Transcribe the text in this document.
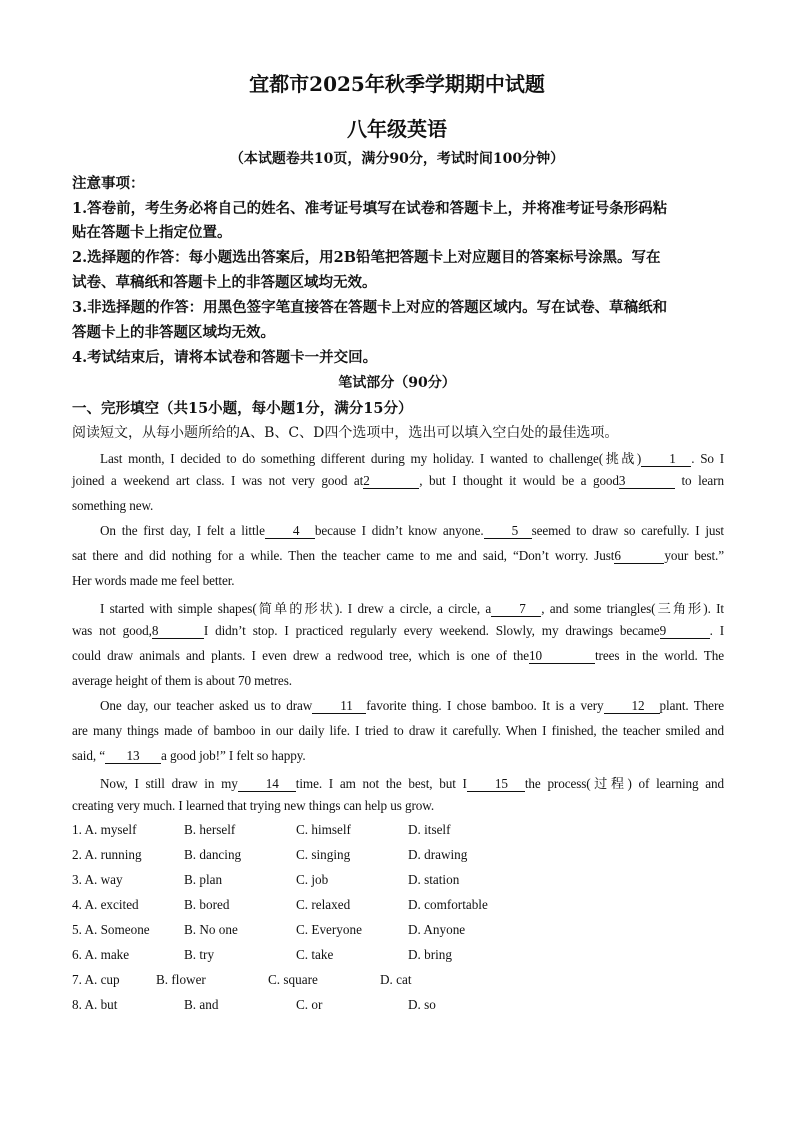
宜都市2025年秋季学期期中试题
八年级英语
（本试题卷共10页，满分90分，考试时间100分钟）
注意事项：
1.答卷前，考生务必将自己的姓名、准考证号填写在试卷和答题卡上，并将准考证号条形码粘
贴在答题卡上指定位置。
2.选择题的作答：每小题选出答案后，用2B铅笔把答题卡上对应题目的答案标号涂黑。写在
试卷、草稿纸和答题卡上的非答题区域均无效。
3.非选择题的作答：用黑色签字笔直接答在答题卡上对应的答题区域内。写在试卷、草稿纸和
答题卡上的非答题区域均无效。
4.考试结束后，请将本试卷和答题卡一并交回。
笔试部分（90分）
一、完形填空（共15小题，每小题1分，满分15分）
阅读短文，从每小题所给的A、B、C、D四个选项中，选出可以填入空白处的最佳选项。
Last month, I decided to do something different during my holiday. I wanted to challenge(挑战) 1 . So I
joined a weekend art class. I was not very good at2	, but I thought it would be a good3	to learn
something new.
On the first day, I felt a little 4 because I didn’t know anyone. 5 seemed to draw so carefully. I just
sat there and did nothing for a while. Then the teacher came to me and said, “Don’t worry. Just6	your best.”
Her words made me feel better.
I started with simple shapes(简单的形状). I drew a circle, a circle, a 7 , and some triangles(三角形). It
was not good,8	I didn’t stop. I practiced regularly every weekend. Slowly, my drawings became9	. I
could draw animals and plants. I even drew a redwood tree, which is one of the10	trees in the world. The
average height of them is about 70 metres.
One day, our teacher asked us to draw 11 favorite thing. I chose bamboo. It is a very 12 plant. There
are many things made of bamboo in our daily life. I tried to draw it carefully. When I finished, the teacher smiled and
said, “ 13 a good job!” I felt so happy.
Now, I still draw in my 14 time. I am not the best, but I 15 the process(过程) of learning and
creating very much. I learned that trying new things can help us grow.
1. A. myself	B. herself	C. himself	D. itself
2. A. running	B. dancing	C. singing	D. drawing
3. A. way	B. plan	C. job	D. station
4. A. excited	B. bored	C. relaxed	D. comfortable
5. A. Someone	B. No one	C. Everyone	D. Anyone
6. A. make	B. try	C. take	D. bring
7. A. cup	B. flower	C. square	D. cat
8. A. but	B. and	C. or	D. so
